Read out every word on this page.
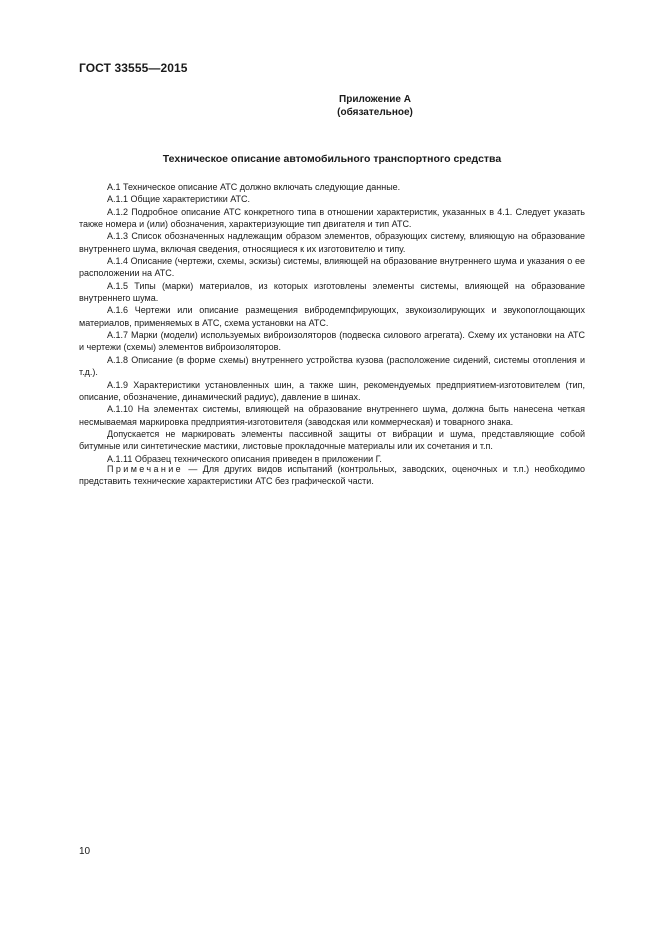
ГОСТ 33555—2015
Приложение А
(обязательное)
Техническое описание автомобильного транспортного средства

А.1 Техническое описание АТС должно включать следующие данные.

А.1.1 Общие характеристики АТС.

А.1.2 Подробное описание АТС конкретного типа в отношении характеристик, указанных в 4.1. Следует указать также номера и (или) обозначения, характеризующие тип двигателя и тип АТС.

А.1.3 Список обозначенных надлежащим образом элементов, образующих систему, влияющую на образование внутреннего шума, включая сведения, относящиеся к их изготовителю и типу.

А.1.4 Описание (чертежи, схемы, эскизы) системы, влияющей на образование внутреннего шума и указания о ее расположении на АТС.

А.1.5 Типы (марки) материалов, из которых изготовлены элементы системы, влияющей на образование внутреннего шума.

А.1.6 Чертежи или описание размещения вибродемпфирующих, звукоизолирующих и звукопоглощающих материалов, применяемых в АТС, схема установки на АТС.

А.1.7 Марки (модели) используемых виброизоляторов (подвеска силового агрегата). Схему их установки на АТС и чертежи (схемы) элементов виброизоляторов.

А.1.8 Описание (в форме схемы) внутреннего устройства кузова (расположение сидений, системы отопления и т.д.).

А.1.9 Характеристики установленных шин, а также шин, рекомендуемых предприятием-изготовителем (тип, описание, обозначение, динамический радиус), давление в шинах.

А.1.10 На элементах системы, влияющей на образование внутреннего шума, должна быть нанесена четкая несмываемая маркировка предприятия-изготовителя (заводская или коммерческая) и товарного знака.

Допускается не маркировать элементы пассивной защиты от вибрации и шума, представляющие собой битумные или синтетические мастики, листовые прокладочные материалы или их сочетания и т.п.

А.1.11 Образец технического описания приведен в приложении Г.

Примечание — Для других видов испытаний (контрольных, заводских, оценочных и т.п.) необходимо представить технические характеристики АТС без графической части.

10
